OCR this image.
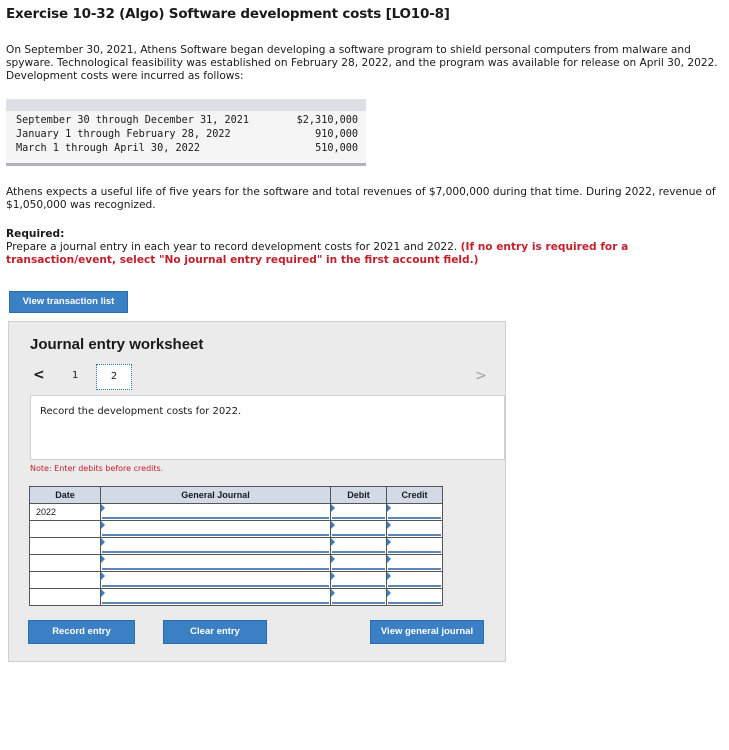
Exercise 10-32 (Algo) Software development costs [LO10-8]
On September 30, 2021, Athens Software began developing a software program to shield personal computers from malware and spyware. Technological feasibility was established on February 28, 2022, and the program was available for release on April 30, 2022. Development costs were incurred as follows:
September 30 through December 31, 2021	$2,310,000
January 1 through February 28, 2022	910,000
March 1 through April 30, 2022	510,000
Athens expects a useful life of five years for the software and total revenues of $7,000,000 during that time. During 2022, revenue of $1,050,000 was recognized.
Required:
Prepare a journal entry in each year to record development costs for 2021 and 2022. (If no entry is required for a transaction/event, select "No journal entry required" in the first account field.)
View transaction list
Journal entry worksheet
<	1	2	>
Record the development costs for 2022.
Note: Enter debits before credits.
Date	General Journal	Debit	Credit
2022			

Record entry	Clear entry	View general journal
